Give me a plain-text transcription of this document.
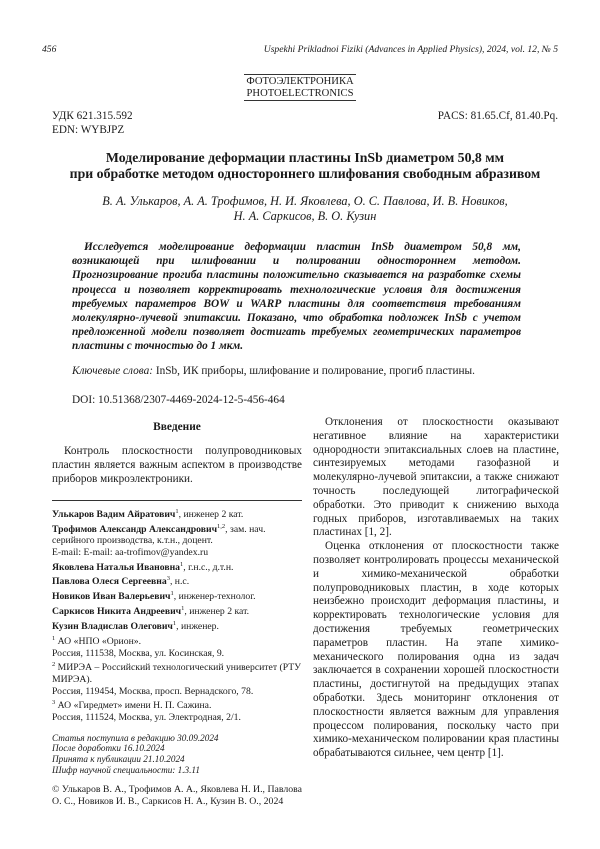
456	Uspekhi Prikladnoi Fiziki (Advances in Applied Physics), 2024, vol. 12, № 5
ФОТОЭЛЕКТРОНИКА
PHOTOELECTRONICS
УДК 621.315.592
EDN: WYBJPZ
PACS: 81.65.Cf, 81.40.Pq.
Моделирование деформации пластины InSb диаметром 50,8 мм
при обработке методом одностороннего шлифования свободным абразивом
В. А. Улькаров, А. А. Трофимов, Н. И. Яковлева, О. С. Павлова, И. В. Новиков,
Н. А. Саркисов, В. О. Кузин
Исследуется моделирование деформации пластин InSb диаметром 50,8 мм, возникающей при шлифовании и полировании одностороннем методом. Прогнозирование прогиба пластины положительно сказывается на разработке схемы процесса и позволяет корректировать технологические условия для достижения требуемых параметров BOW и WARP пластины для соответствия требованиям молекулярно-лучевой эпитаксии. Показано, что обработка подложек InSb с учетом предложенной модели позволяет достигать требуемых геометрических параметров пластины с точностью до 1 мкм.
Ключевые слова: InSb, ИК приборы, шлифование и полирование, прогиб пластины.
DOI: 10.51368/2307-4469-2024-12-5-456-464
Введение
Контроль плоскостности полупроводниковых пластин является важным аспектом в производстве приборов микроэлектроники.
Улькаров Вадим Айратович$^1$, инженер 2 кат.
Трофимов Александр Александрович$^{1,2}$, зам. нач. серийного производства, к.т.н., доцент.
E-mail: E-mail: aa-trofimov@yandex.ru
Яковлева Наталья Ивановна$^1$, г.н.с., д.т.н.
Павлова Олеся Сергеевна$^3$, н.с.
Новиков Иван Валерьевич$^1$, инженер-технолог.
Саркисов Никита Андреевич$^1$, инженер 2 кат.
Кузин Владислав Олегович$^1$, инженер.
$^1$ АО «НПО «Орион».
Россия, 111538, Москва, ул. Косинская, 9.
$^2$ МИРЭА – Российский технологический университет (РТУ МИРЭА).
Россия, 119454, Москва, просп. Вернадского, 78.
$^3$ АО «Гиредмет» имени Н. П. Сажина.
Россия, 111524, Москва, ул. Электродная, 2/1.
Статья поступила в редакцию 30.09.2024
После доработки 16.10.2024
Принята к публикации 21.10.2024
Шифр научной специальности: 1.3.11
© Улькаров В. А., Трофимов А. А., Яковлева Н. И., Павлова О. С., Новиков И. В., Саркисов Н. А., Кузин В. О., 2024

Отклонения от плоскостности оказывают негативное влияние на характеристики однородности эпитаксиальных слоев на пластине, синтезируемых методами газофазной и молекулярно-лучевой эпитаксии, а также снижают точность последующей литографической обработки. Это приводит к снижению выхода годных приборов, изготавливаемых на таких пластинах [1, 2].

Оценка отклонения от плоскостности также позволяет контролировать процессы механической и химико-механической обработки полупроводниковых пластин, в ходе которых неизбежно происходит деформация пластины, и корректировать технологические условия для достижения требуемых геометрических параметров пластин. На этапе химико-механического полирования одна из задач заключается в сохранении хорошей плоскостности пластины, достигнутой на предыдущих этапах обработки. Здесь мониторинг отклонения от плоскостности является важным для управления процессом полирования, поскольку часто при химико-механическом полировании края пластины обрабатываются сильнее, чем центр [1].
